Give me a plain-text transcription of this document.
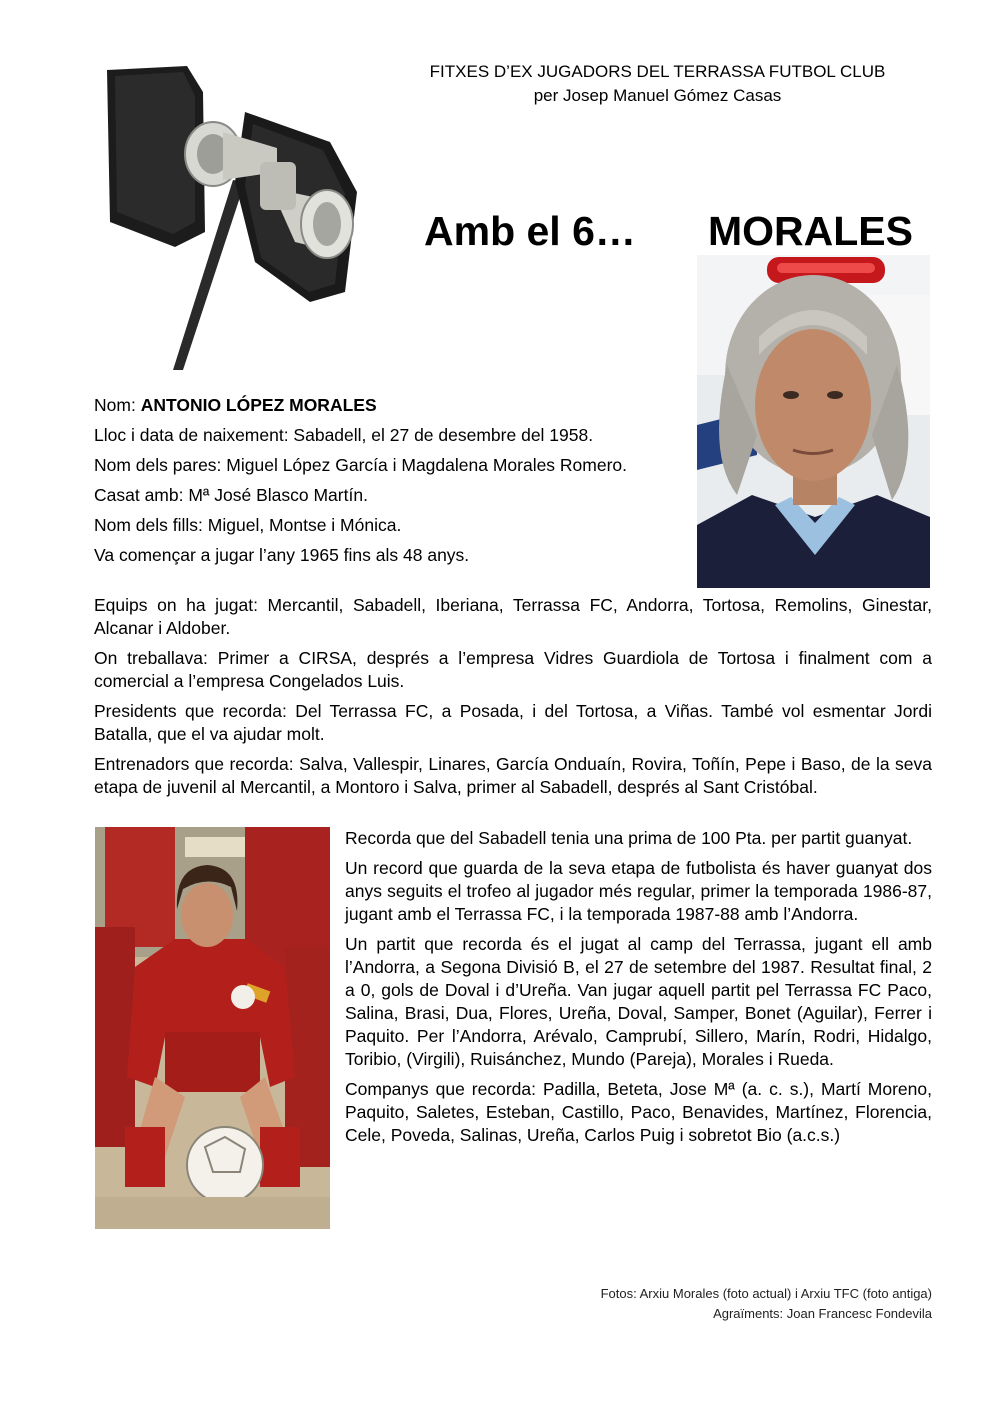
FITXES D’EX JUGADORS DEL TERRASSA FUTBOL CLUB
per Josep Manuel Gómez Casas
Amb el 6… MORALES

Nom: ANTONIO LÓPEZ MORALES

Lloc i data de naixement: Sabadell, el 27 de desembre del 1958.

Nom dels pares: Miguel López García i Magdalena Morales Romero.

Casat amb: Mª José Blasco Martín.

Nom dels fills: Miguel, Montse i Mónica.

Va començar a jugar l’any 1965 fins als 48 anys.

Equips on ha jugat: Mercantil, Sabadell, Iberiana, Terrassa FC, Andorra, Tortosa, Remolins, Ginestar, Alcanar i Aldober.

On treballava: Primer a CIRSA, després a l’empresa Vidres Guardiola de Tortosa i finalment com a comercial a l’empresa Congelados Luis.

Presidents que recorda: Del Terrassa FC, a Posada, i del Tortosa, a Viñas. També vol esmentar Jordi Batalla, que el va ajudar molt.

Entrenadors que recorda: Salva, Vallespir, Linares, García Onduaín, Rovira, Toñín, Pepe i Baso, de la seva etapa de juvenil al Mercantil, a Montoro i Salva, primer al Sabadell, després al Sant Cristóbal.

Recorda que del Sabadell tenia una prima de 100 Pta. per partit guanyat.

Un record que guarda de la seva etapa de futbolista és haver guanyat dos anys seguits el trofeo al jugador més regular, primer la temporada 1986-87, jugant amb el Terrassa FC, i la temporada 1987-88 amb l’Andorra.

Un partit que recorda és el jugat al camp del Terrassa, jugant ell amb l’Andorra, a Segona Divisió B, el 27 de setembre del 1987. Resultat final, 2 a 0, gols de Doval i d’Ureña. Van jugar aquell partit pel Terrassa FC Paco, Salina, Brasi, Dua, Flores, Ureña, Doval, Samper, Bonet (Aguilar), Ferrer i Paquito. Per l’Andorra, Arévalo, Camprubí, Sillero, Marín, Rodri, Hidalgo, Toribio, (Virgili), Ruisánchez, Mundo (Pareja), Morales i Rueda.

Companys que recorda: Padilla, Beteta, Jose Mª (a. c. s.), Martí Moreno, Paquito, Saletes, Esteban, Castillo, Paco, Benavides, Martínez, Florencia, Cele, Poveda, Salinas, Ureña, Carlos Puig i sobretot Bio (a.c.s.)

Fotos: Arxiu Morales (foto actual) i Arxiu TFC (foto antiga)
Agraïments: Joan Francesc Fondevila
